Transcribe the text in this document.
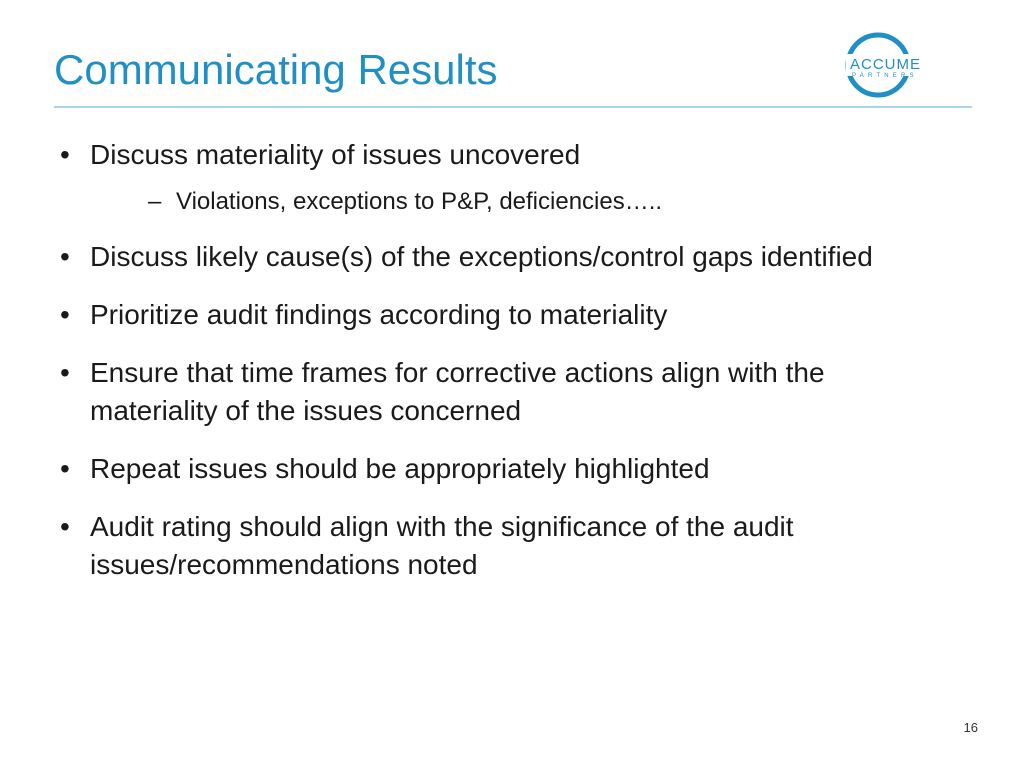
Communicating Results	ACCUME
PARTNERS
• Discuss materiality of issues uncovered
– Violations, exceptions to P&P, deficiencies…..
• Discuss likely cause(s) of the exceptions/control gaps identified
• Prioritize audit findings according to materiality
• Ensure that time frames for corrective actions align with the materiality of the issues concerned
• Repeat issues should be appropriately highlighted
• Audit rating should align with the significance of the audit issues/recommendations noted
16
